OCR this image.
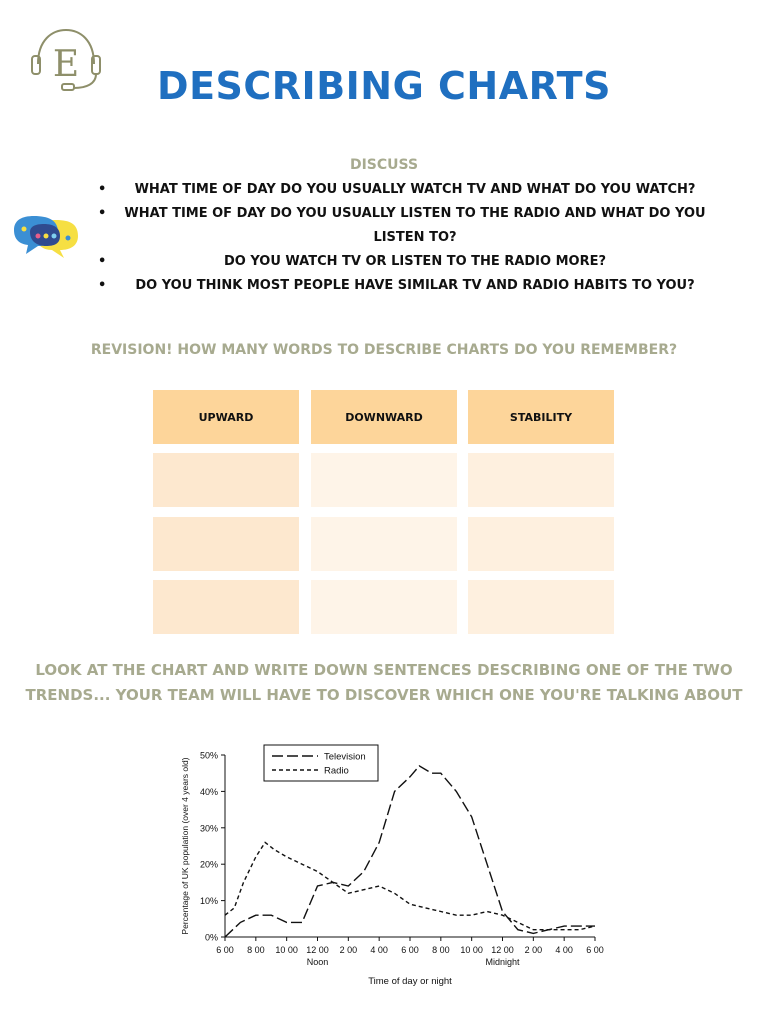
E	DESCRIBING CHARTS
DISCUSS
• WHAT TIME OF DAY DO YOU USUALLY WATCH TV AND WHAT DO YOU WATCH?
• WHAT TIME OF DAY DO YOU USUALLY LISTEN TO THE RADIO AND WHAT DO YOU LISTEN TO?
• DO YOU WATCH TV OR LISTEN TO THE RADIO MORE?
• DO YOU THINK MOST PEOPLE HAVE SIMILAR TV AND RADIO HABITS TO YOU?
REVISION! HOW MANY WORDS TO DESCRIBE CHARTS DO YOU REMEMBER?
UPWARD	DOWNWARD	STABILITY
LOOK AT THE CHART AND WRITE DOWN SENTENCES DESCRIBING ONE OF THE TWO TRENDS... YOUR TEAM WILL HAVE TO DISCOVER WHICH ONE YOU'RE TALKING ABOUT
0%
10%
20%
30%
40%
50%
6 00 8 00 10 00 12 00 2 00 4 00 6 00 8 00 10 00 12 00 2 00 4 00 6 00
Noon	Midnight
Time of day or night
Percentage of UK population (over 4 years old)
Television
Radio
